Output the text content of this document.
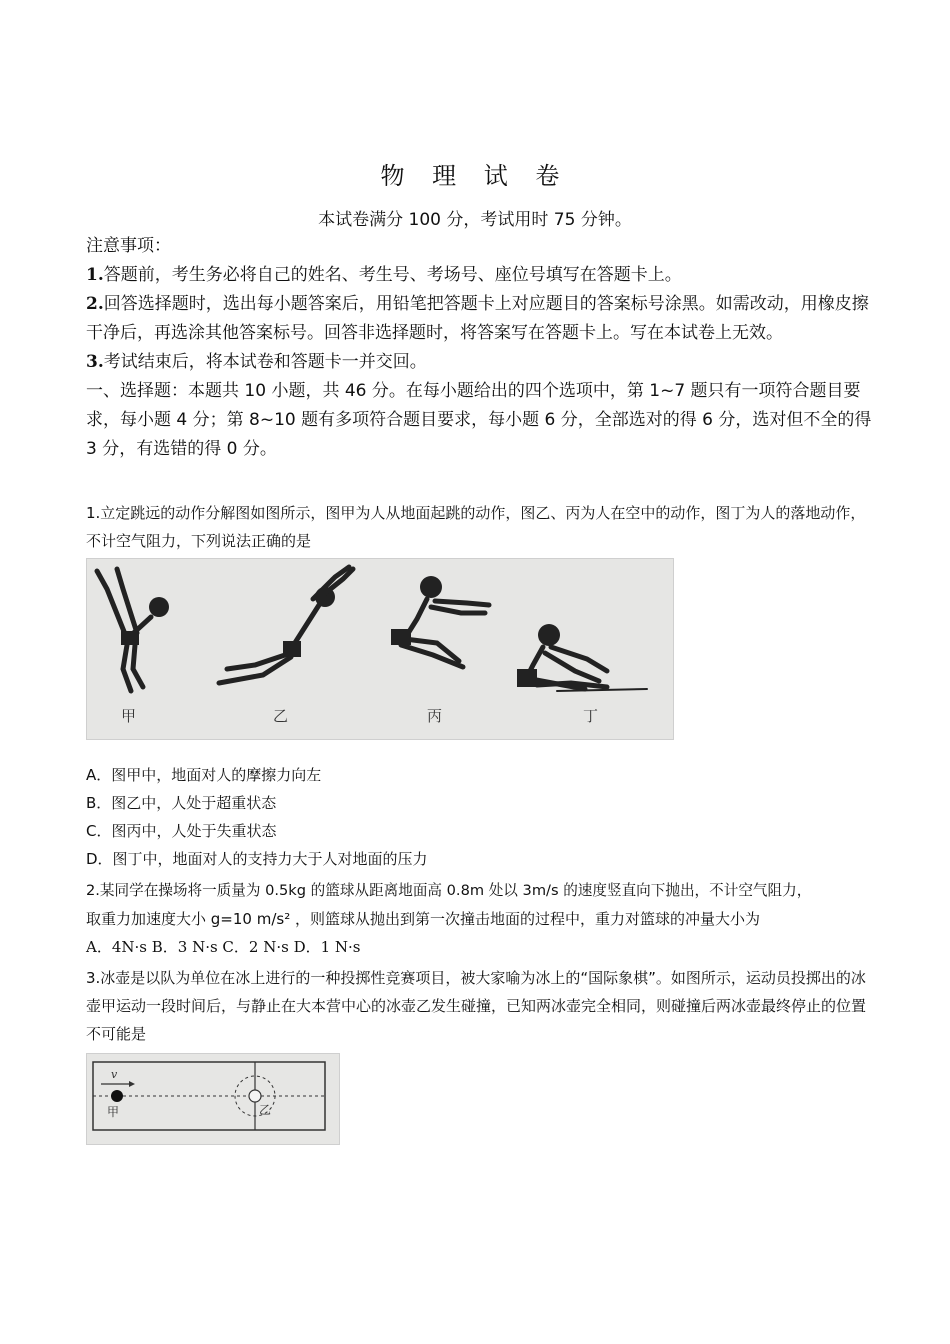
物 理 试 卷
本试卷满分 100 分，考试用时 75 分钟。
注意事项：
1.答题前，考生务必将自己的姓名、考生号、考场号、座位号填写在答题卡上。
2.回答选择题时，选出每小题答案后，用铅笔把答题卡上对应题目的答案标号涂黑。如需改动，用橡皮擦干净后，再选涂其他答案标号。回答非选择题时，将答案写在答题卡上。写在本试卷上无效。
3.考试结束后，将本试卷和答题卡一并交回。
一、选择题：本题共 10 小题，共 46 分。在每小题给出的四个选项中，第 1~7 题只有一项符合题目要求，每小题 4 分；第 8~10 题有多项符合题目要求，每小题 6 分，全部选对的得 6 分，选对但不全的得 3 分，有选错的得 0 分。
1.立定跳远的动作分解图如图所示，图甲为人从地面起跳的动作，图乙、丙为人在空中的动作，图丁为人的落地动作，不计空气阻力，下列说法正确的是
甲	乙	丙	丁
A．图甲中，地面对人的摩擦力向左
B．图乙中，人处于超重状态
C．图丙中，人处于失重状态
D．图丁中，地面对人的支持力大于人对地面的压力
2.某同学在操场将一质量为 0.5kg 的篮球从距离地面高 0.8m 处以 3m/s 的速度竖直向下抛出，不计空气阻力，
取重力加速度大小 g=10 m/s² ，则篮球从抛出到第一次撞击地面的过程中，重力对篮球的冲量大小为
A．4N·s B．3 N·s C．2 N·s D．1 N·s
3.冰壶是以队为单位在冰上进行的一种投掷性竞赛项目，被大家喻为冰上的“国际象棋”。如图所示，运动员投掷出的冰壶甲运动一段时间后，与静止在大本营中心的冰壶乙发生碰撞，已知两冰壶完全相同，则碰撞后两冰壶最终停止的位置不可能是
v
甲	乙
